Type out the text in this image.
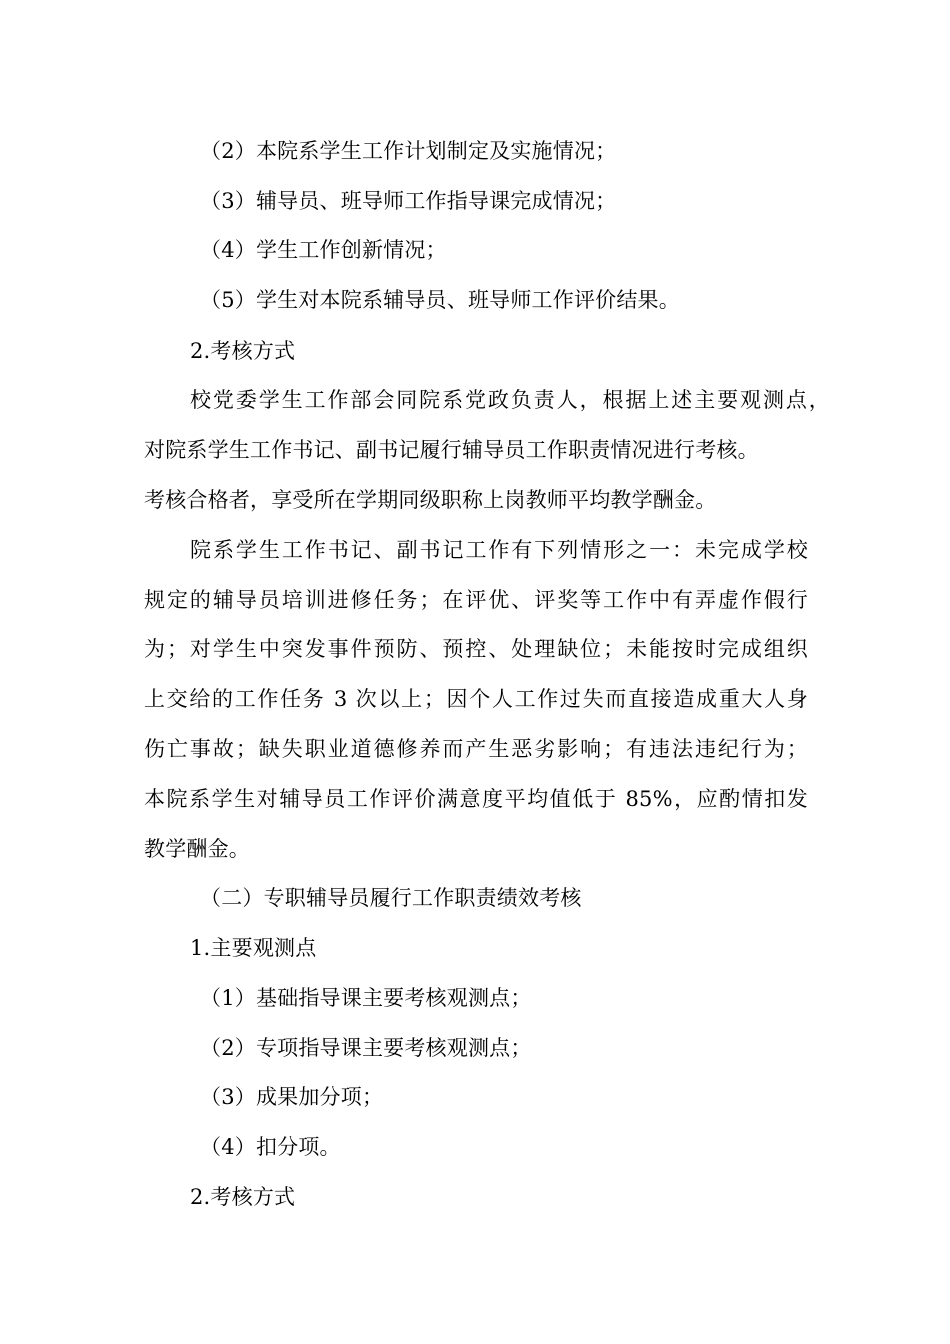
（2）本院系学生工作计划制定及实施情况；
（3）辅导员、班导师工作指导课完成情况；
（4）学生工作创新情况；
（5）学生对本院系辅导员、班导师工作评价结果。
2.考核方式
校党委学生工作部会同院系党政负责人，根据上述主要观测点，
对院系学生工作书记、副书记履行辅导员工作职责情况进行考核。
考核合格者，享受所在学期同级职称上岗教师平均教学酬金。
院系学生工作书记、副书记工作有下列情形之一：未完成学校
规定的辅导员培训进修任务；在评优、评奖等工作中有弄虚作假行
为；对学生中突发事件预防、预控、处理缺位；未能按时完成组织
上交给的工作任务 3 次以上；因个人工作过失而直接造成重大人身
伤亡事故；缺失职业道德修养而产生恶劣影响；有违法违纪行为；
本院系学生对辅导员工作评价满意度平均值低于 85%，应酌情扣发
教学酬金。
（二）专职辅导员履行工作职责绩效考核
1.主要观测点
（1）基础指导课主要考核观测点；
（2）专项指导课主要考核观测点；
（3）成果加分项；
（4）扣分项。
2.考核方式
